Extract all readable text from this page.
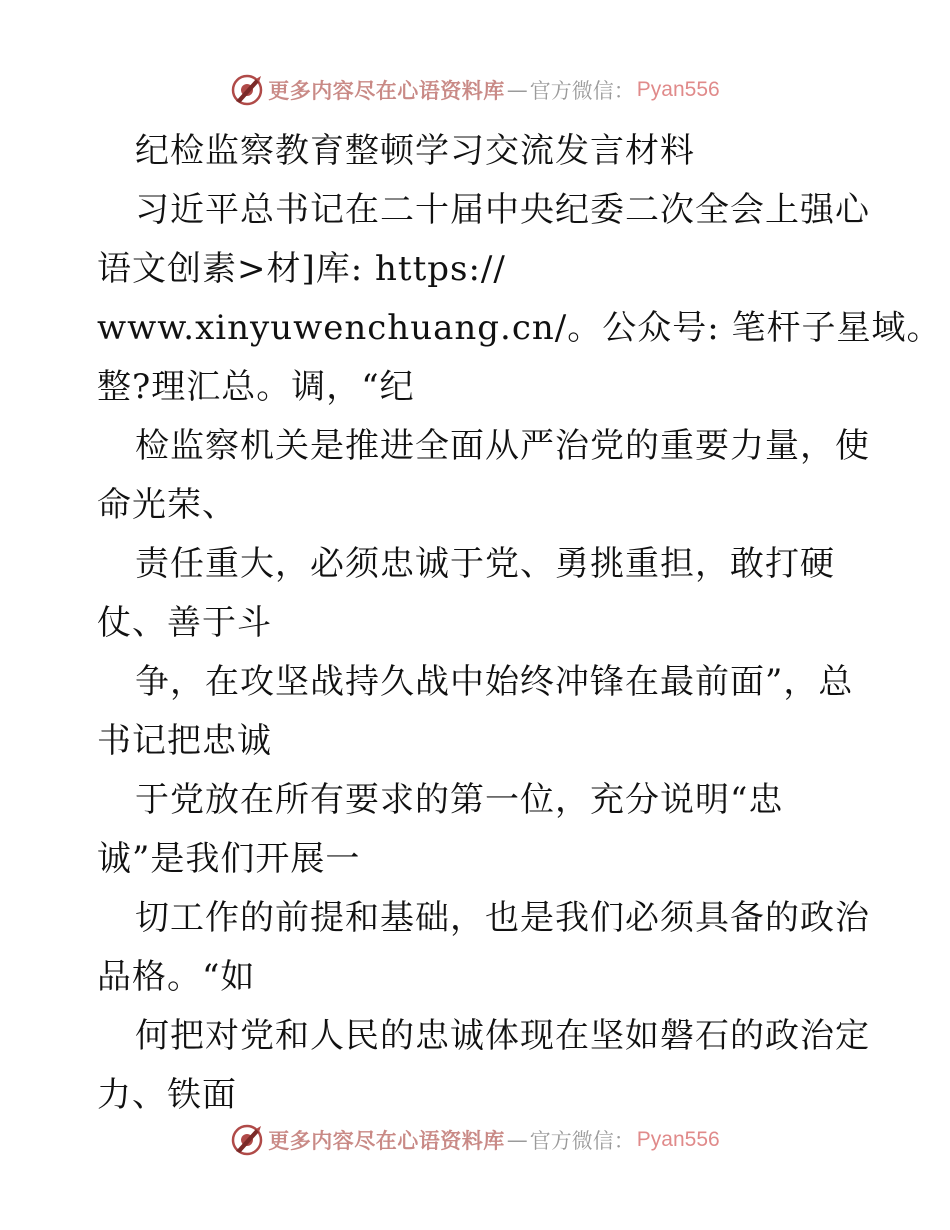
更多内容尽在心语资料库 — 官方微信： Pyan556
纪检监察教育整顿学习交流发言材料
习近平总书记在二十届中央纪委二次全会上强心
语文创素>材]库: https://
www.xinyuwenchuang.cn/。公众号: 笔杆子星域。
整?理汇总。调，“纪
检监察机关是推进全面从严治党的重要力量，使
命光荣、
责任重大，必须忠诚于党、勇挑重担，敢打硬
仗、善于斗
争，在攻坚战持久战中始终冲锋在最前面”，总
书记把忠诚
于党放在所有要求的第一位，充分说明“忠
诚”是我们开展一
切工作的前提和基础，也是我们必须具备的政治
品格。“如
何把对党和人民的忠诚体现在坚如磐石的政治定
力、铁面
更多内容尽在心语资料库 — 官方微信： Pyan556
